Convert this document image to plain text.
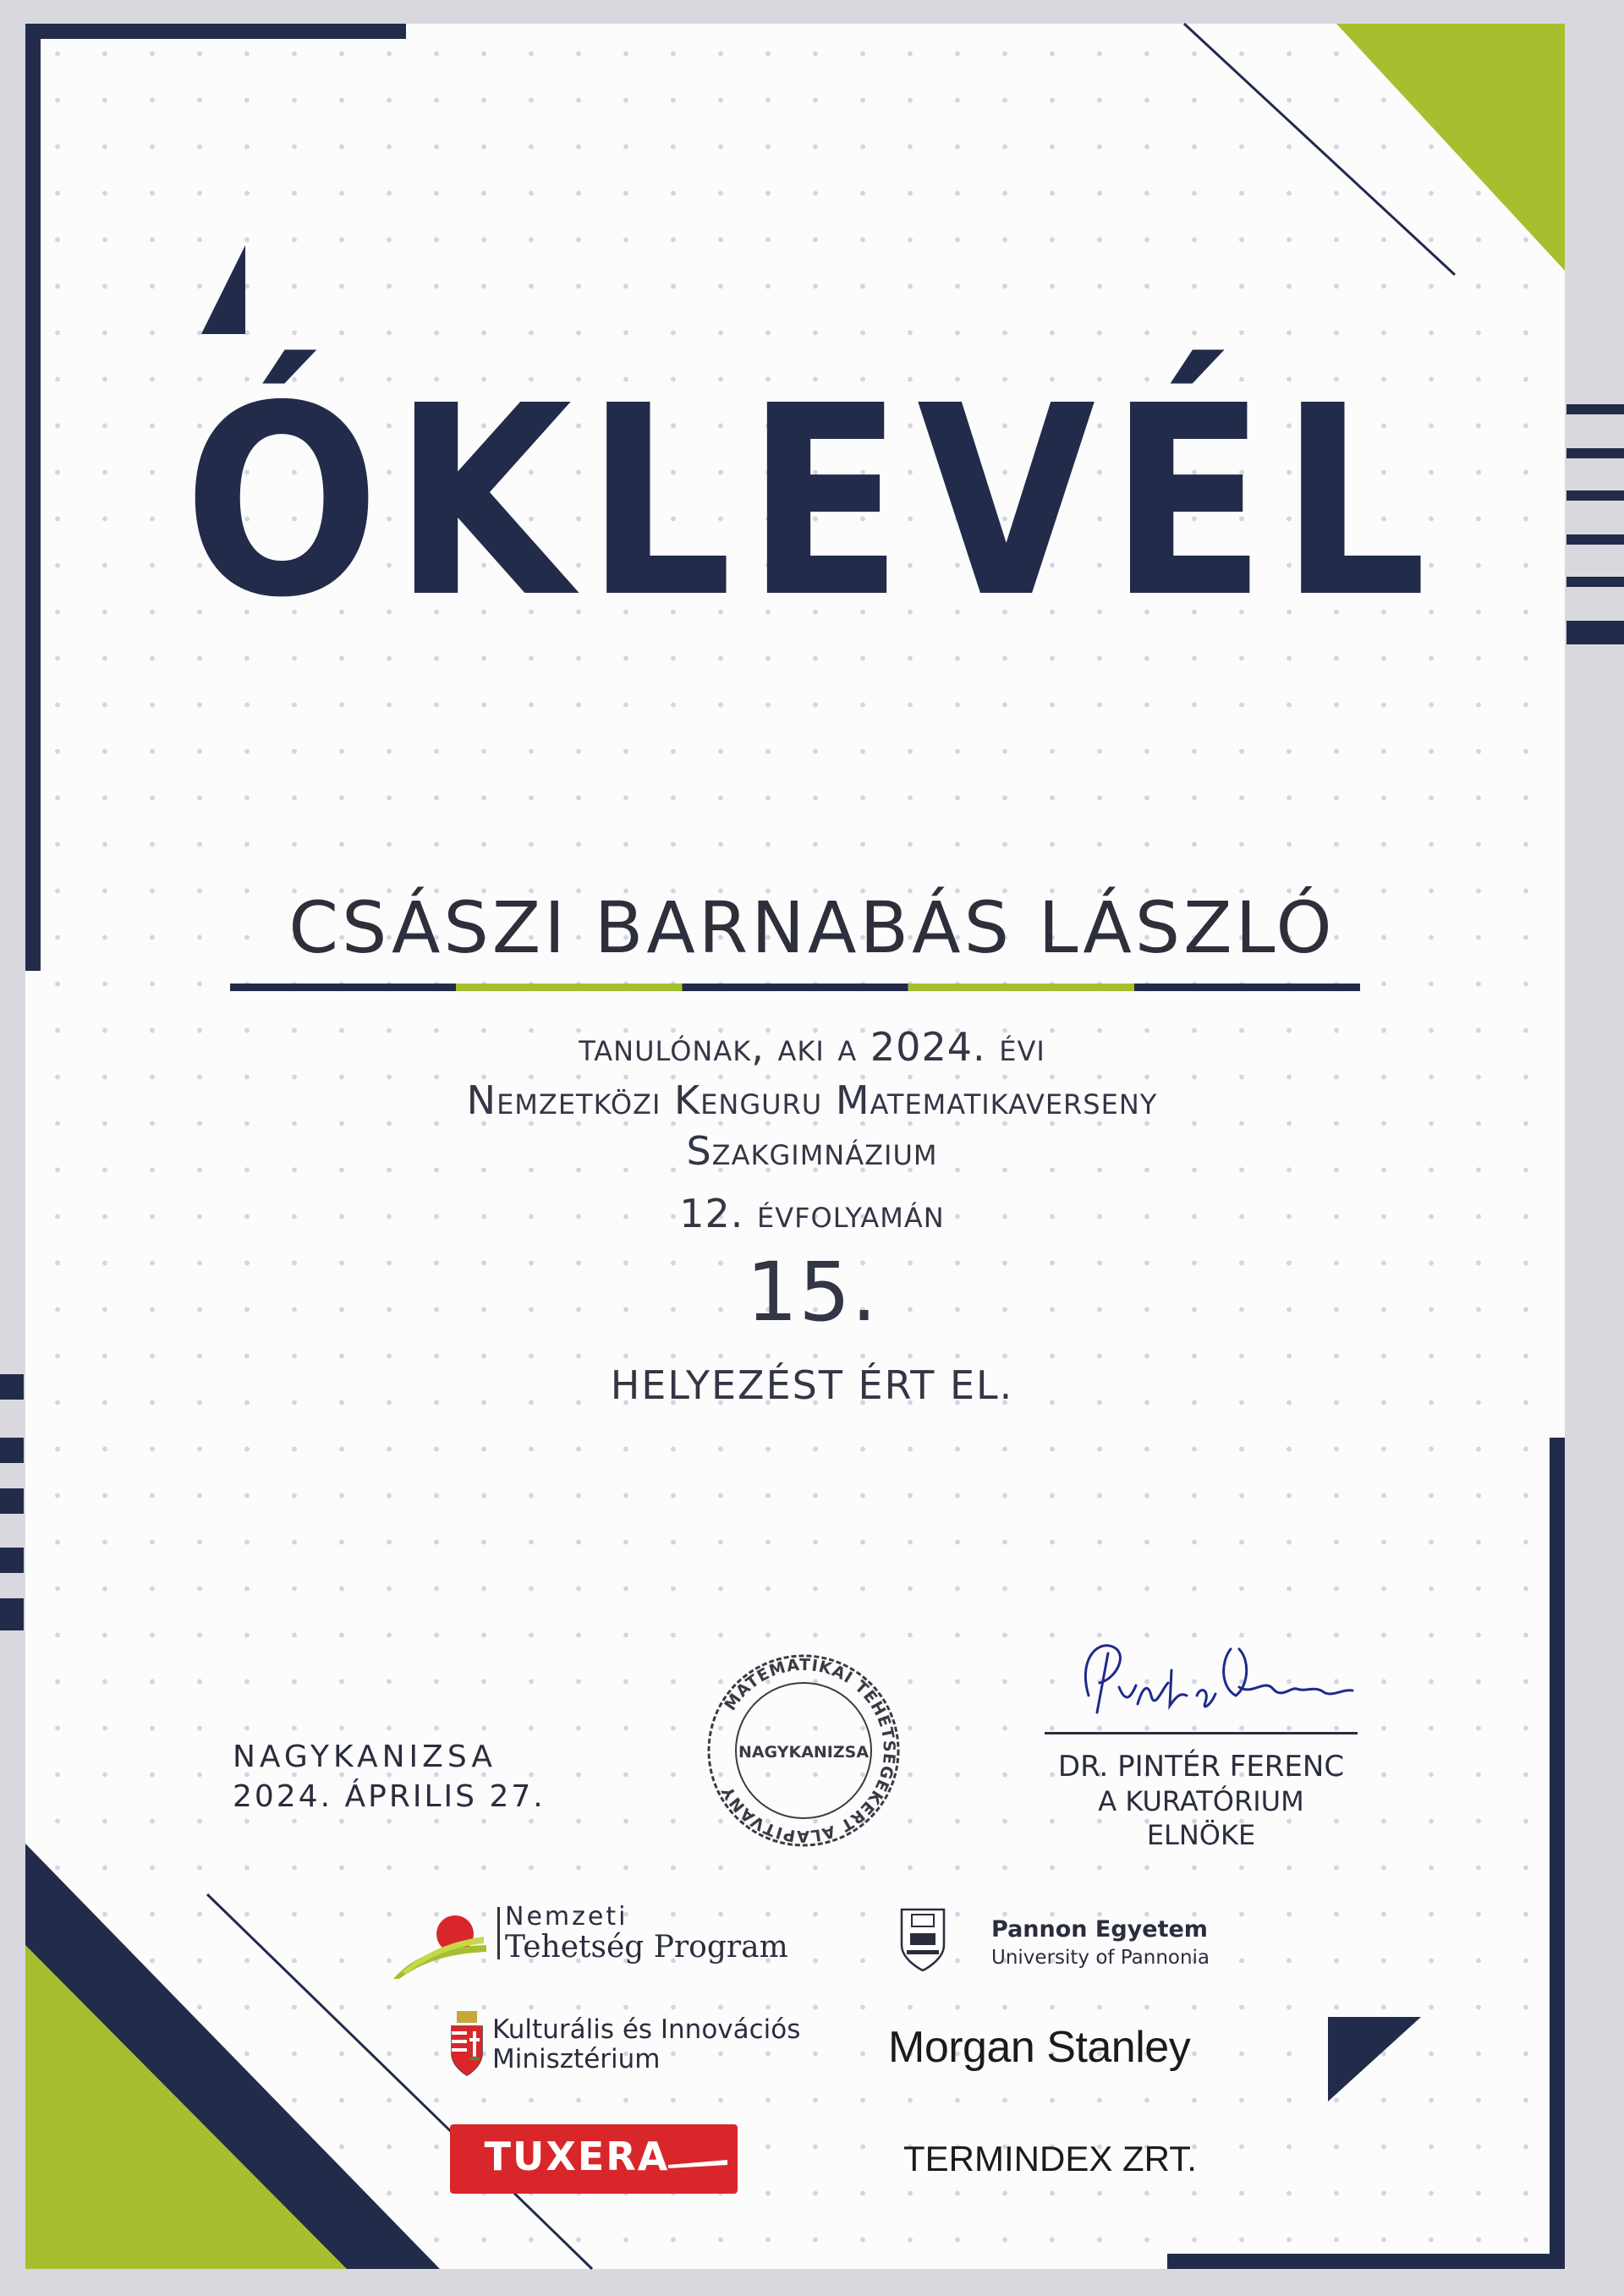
ÓKLEVÉL
CSÁSZI BARNABÁS LÁSZLÓ
tanulónak, aki a 2024. évi
Nemzetközi Kenguru Matematikaverseny
Szakgimnázium
12. évfolyamán
15.
HELYEZÉST ÉRT EL.
NAGYKANIZSA
2024. ÁPRILIS 27.
MATEMATIKAI TEHETSÉGEKÉRT ALAPÍTVÁNY
NAGYKANIZSA	DR. PINTÉR FERENC
A KURATÓRIUM ELNÖKE
Nemzeti
Tehetség Program
Kulturális és Innovációs
Minisztérium
TUXERA
Pannon Egyetem
University of Pannonia
Morgan Stanley
TERMINDEX ZRT.
